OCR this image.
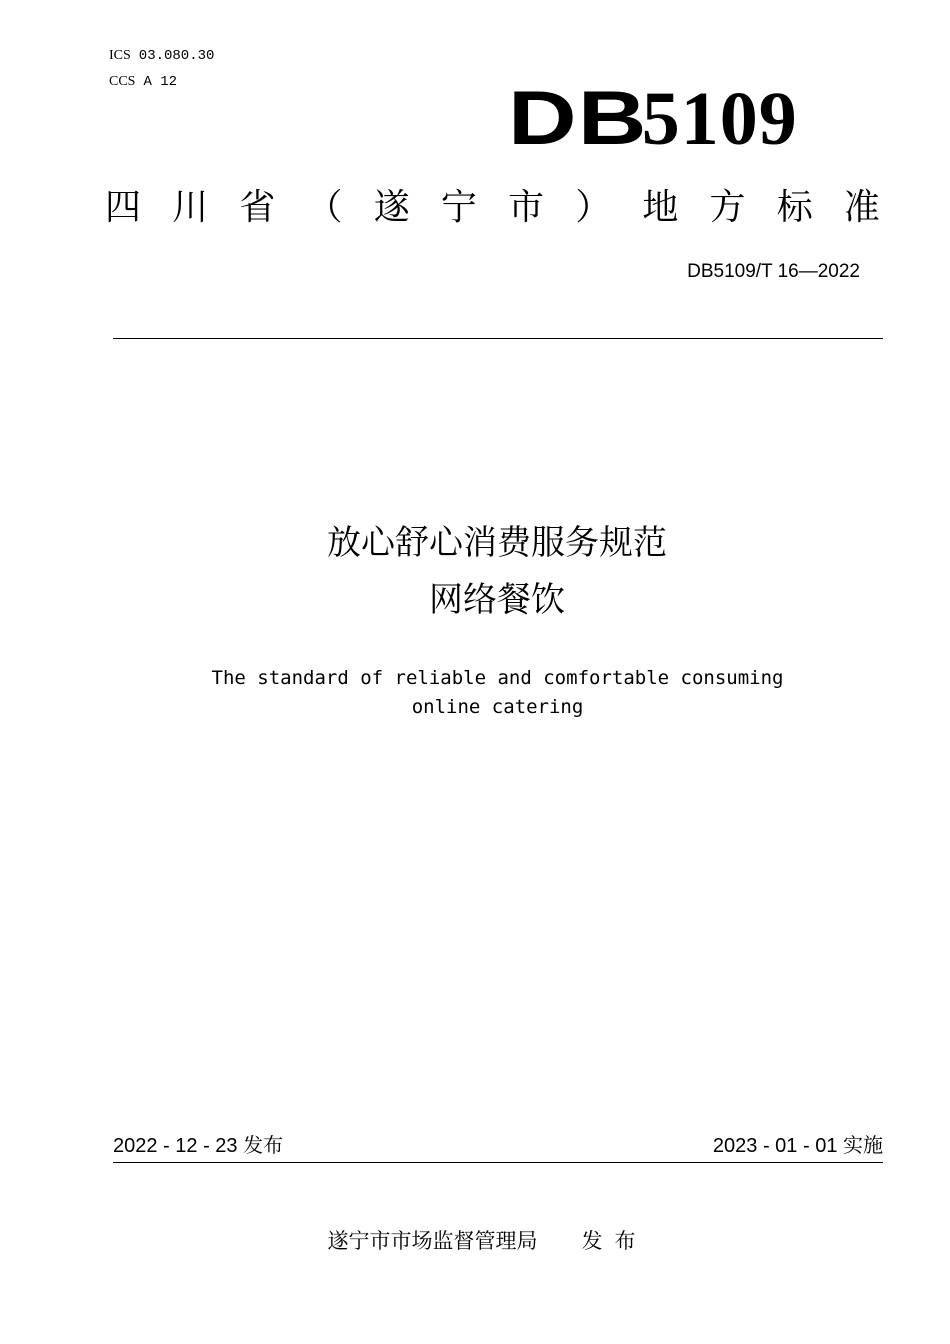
ICS 03.080.30
CCS A 12	DB5109
四 川 省 （ 遂 宁 市 ） 地 方 标 准
DB5109/T 16—2022
放心舒心消费服务规范
网络餐饮
The standard of reliable and comfortable consuming
online catering
2022 - 12 - 23 发布	2023 - 01 - 01 实施
遂宁市市场监督管理局 发布
